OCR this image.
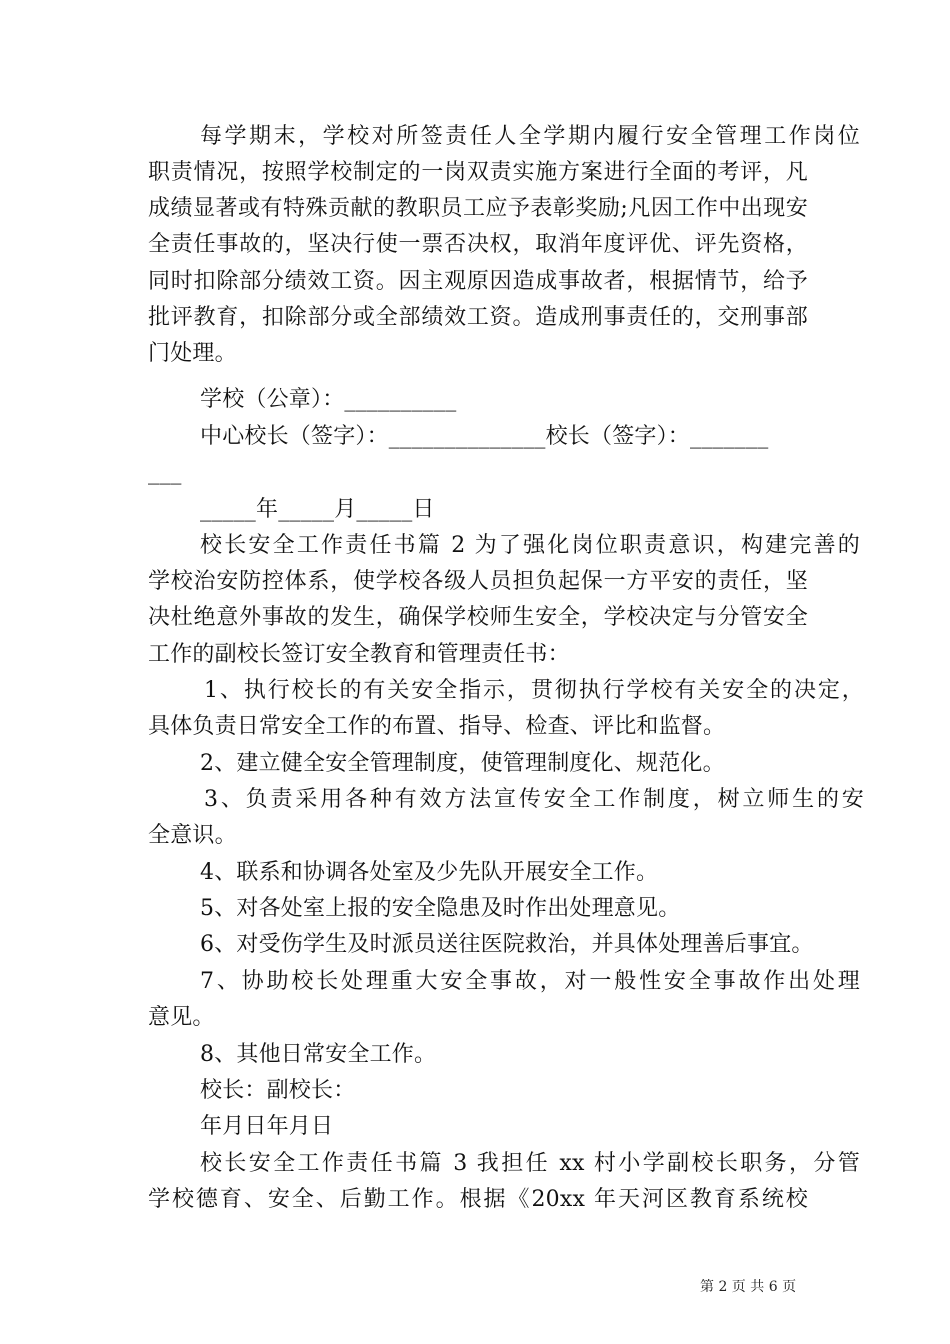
每学期末，学校对所签责任人全学期内履行安全管理工作岗位
职责情况，按照学校制定的一岗双责实施方案进行全面的考评，凡
成绩显著或有特殊贡献的教职员工应予表彰奖励;凡因工作中出现安
全责任事故的，坚决行使一票否决权，取消年度评优、评先资格，
同时扣除部分绩效工资。因主观原因造成事故者，根据情节，给予
批评教育，扣除部分或全部绩效工资。造成刑事责任的，交刑事部
门处理。
学校（公章）：__________
中心校长（签字）：______________校长（签字）：_______
___
_____年_____月_____日
校长安全工作责任书篇 2 为了强化岗位职责意识，构建完善的
学校治安防控体系，使学校各级人员担负起保一方平安的责任，坚
决杜绝意外事故的发生，确保学校师生安全，学校决定与分管安全
工作的副校长签订安全教育和管理责任书：
1、执行校长的有关安全指示，贯彻执行学校有关安全的决定，
具体负责日常安全工作的布置、指导、检查、评比和监督。
2、建立健全安全管理制度，使管理制度化、规范化。
3、负责采用各种有效方法宣传安全工作制度，树立师生的安
全意识。
4、联系和协调各处室及少先队开展安全工作。
5、对各处室上报的安全隐患及时作出处理意见。
6、对受伤学生及时派员送往医院救治，并具体处理善后事宜。
7、协助校长处理重大安全事故，对一般性安全事故作出处理
意见。
8、其他日常安全工作。
校长：副校长：
年月日年月日
校长安全工作责任书篇 3 我担任 xx 村小学副校长职务，分管
学校德育、安全、后勤工作。根据《20xx 年天河区教育系统校
第 2 页 共 6 页
